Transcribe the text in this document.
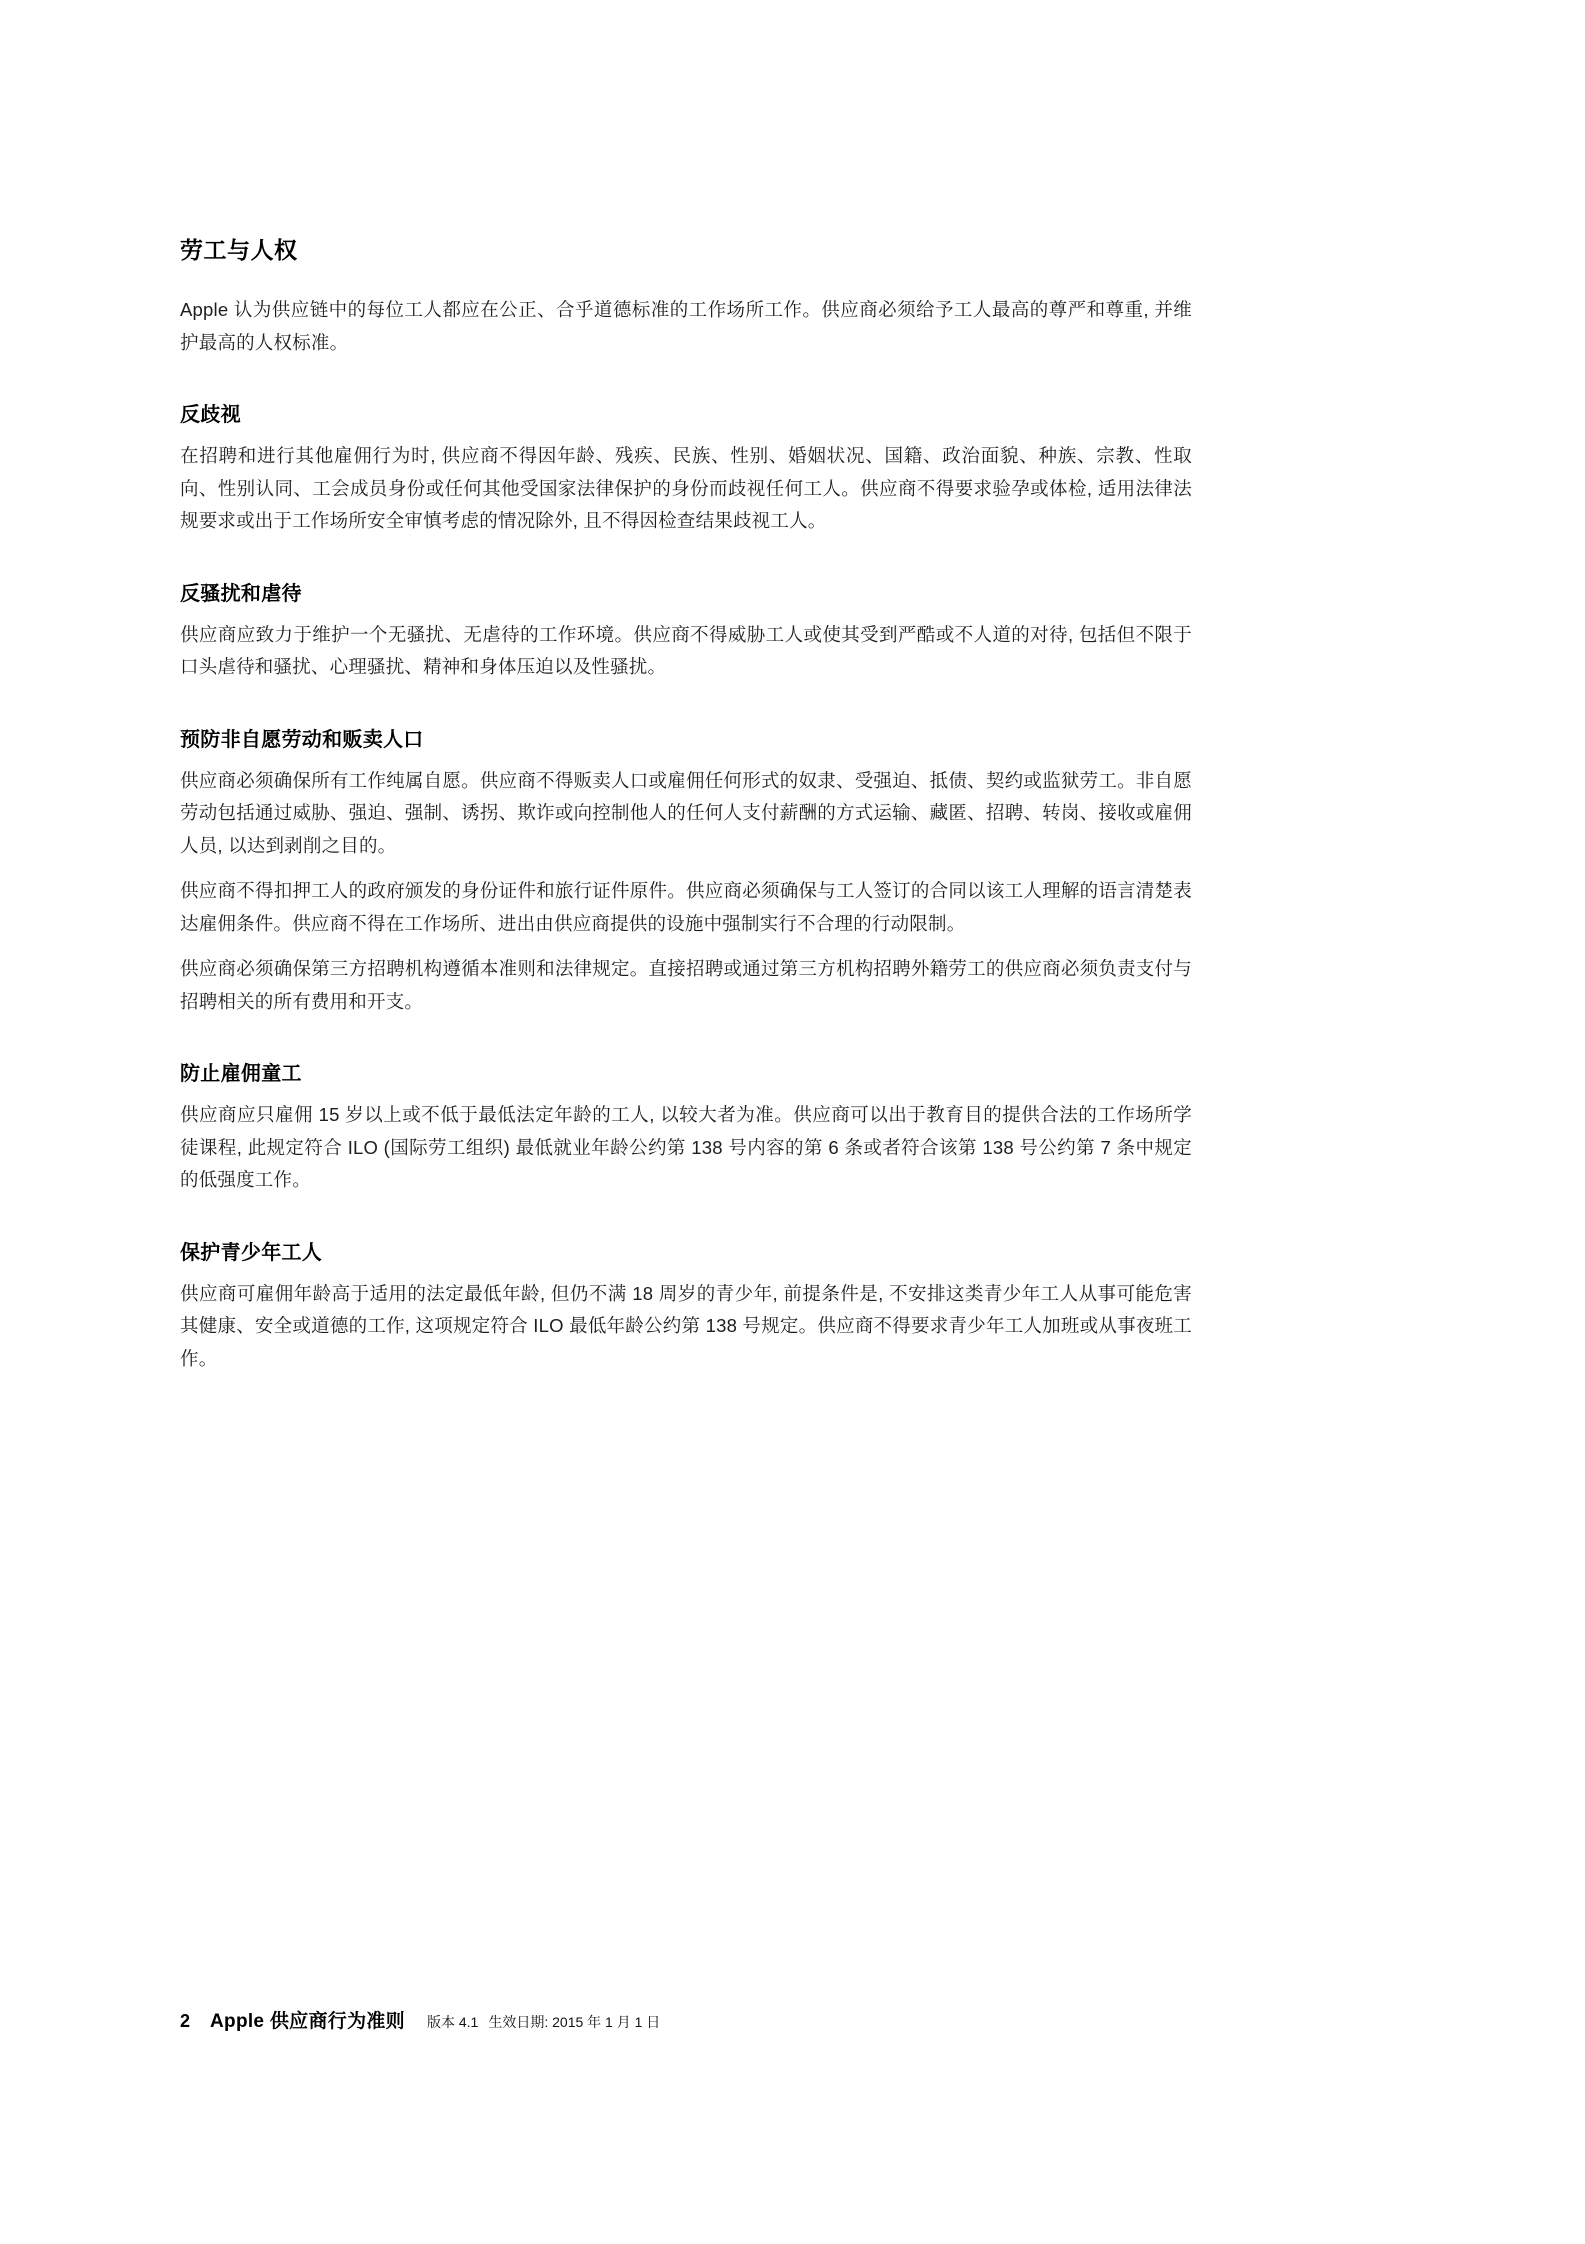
劳工与人权

Apple 认为供应链中的每位工人都应在公正、合乎道德标准的工作场所工作。供应商必须给予工人最高的尊严和尊重, 并维护最高的人权标准。

反歧视

在招聘和进行其他雇佣行为时, 供应商不得因年龄、残疾、民族、性别、婚姻状况、国籍、政治面貌、种族、宗教、性取向、性别认同、工会成员身份或任何其他受国家法律保护的身份而歧视任何工人。供应商不得要求验孕或体检, 适用法律法规要求或出于工作场所安全审慎考虑的情况除外, 且不得因检查结果歧视工人。

反骚扰和虐待

供应商应致力于维护一个无骚扰、无虐待的工作环境。供应商不得威胁工人或使其受到严酷或不人道的对待, 包括但不限于口头虐待和骚扰、心理骚扰、精神和身体压迫以及性骚扰。

预防非自愿劳动和贩卖人口

供应商必须确保所有工作纯属自愿。供应商不得贩卖人口或雇佣任何形式的奴隶、受强迫、抵债、契约或监狱劳工。非自愿劳动包括通过威胁、强迫、强制、诱拐、欺诈或向控制他人的任何人支付薪酬的方式运输、藏匿、招聘、转岗、接收或雇佣人员, 以达到剥削之目的。

供应商不得扣押工人的政府颁发的身份证件和旅行证件原件。供应商必须确保与工人签订的合同以该工人理解的语言清楚表达雇佣条件。供应商不得在工作场所、进出由供应商提供的设施中强制实行不合理的行动限制。

供应商必须确保第三方招聘机构遵循本准则和法律规定。直接招聘或通过第三方机构招聘外籍劳工的供应商必须负责支付与招聘相关的所有费用和开支。

防止雇佣童工

供应商应只雇佣 15 岁以上或不低于最低法定年龄的工人, 以较大者为准。供应商可以出于教育目的提供合法的工作场所学徒课程, 此规定符合 ILO (国际劳工组织) 最低就业年龄公约第 138 号内容的第 6 条或者符合该第 138 号公约第 7 条中规定的低强度工作。

保护青少年工人

供应商可雇佣年龄高于适用的法定最低年龄, 但仍不满 18 周岁的青少年, 前提条件是, 不安排这类青少年工人从事可能危害其健康、安全或道德的工作, 这项规定符合 ILO 最低年龄公约第 138 号规定。供应商不得要求青少年工人加班或从事夜班工作。

2 Apple 供应商行为准则 版本 4.1 生效日期: 2015 年 1 月 1 日
